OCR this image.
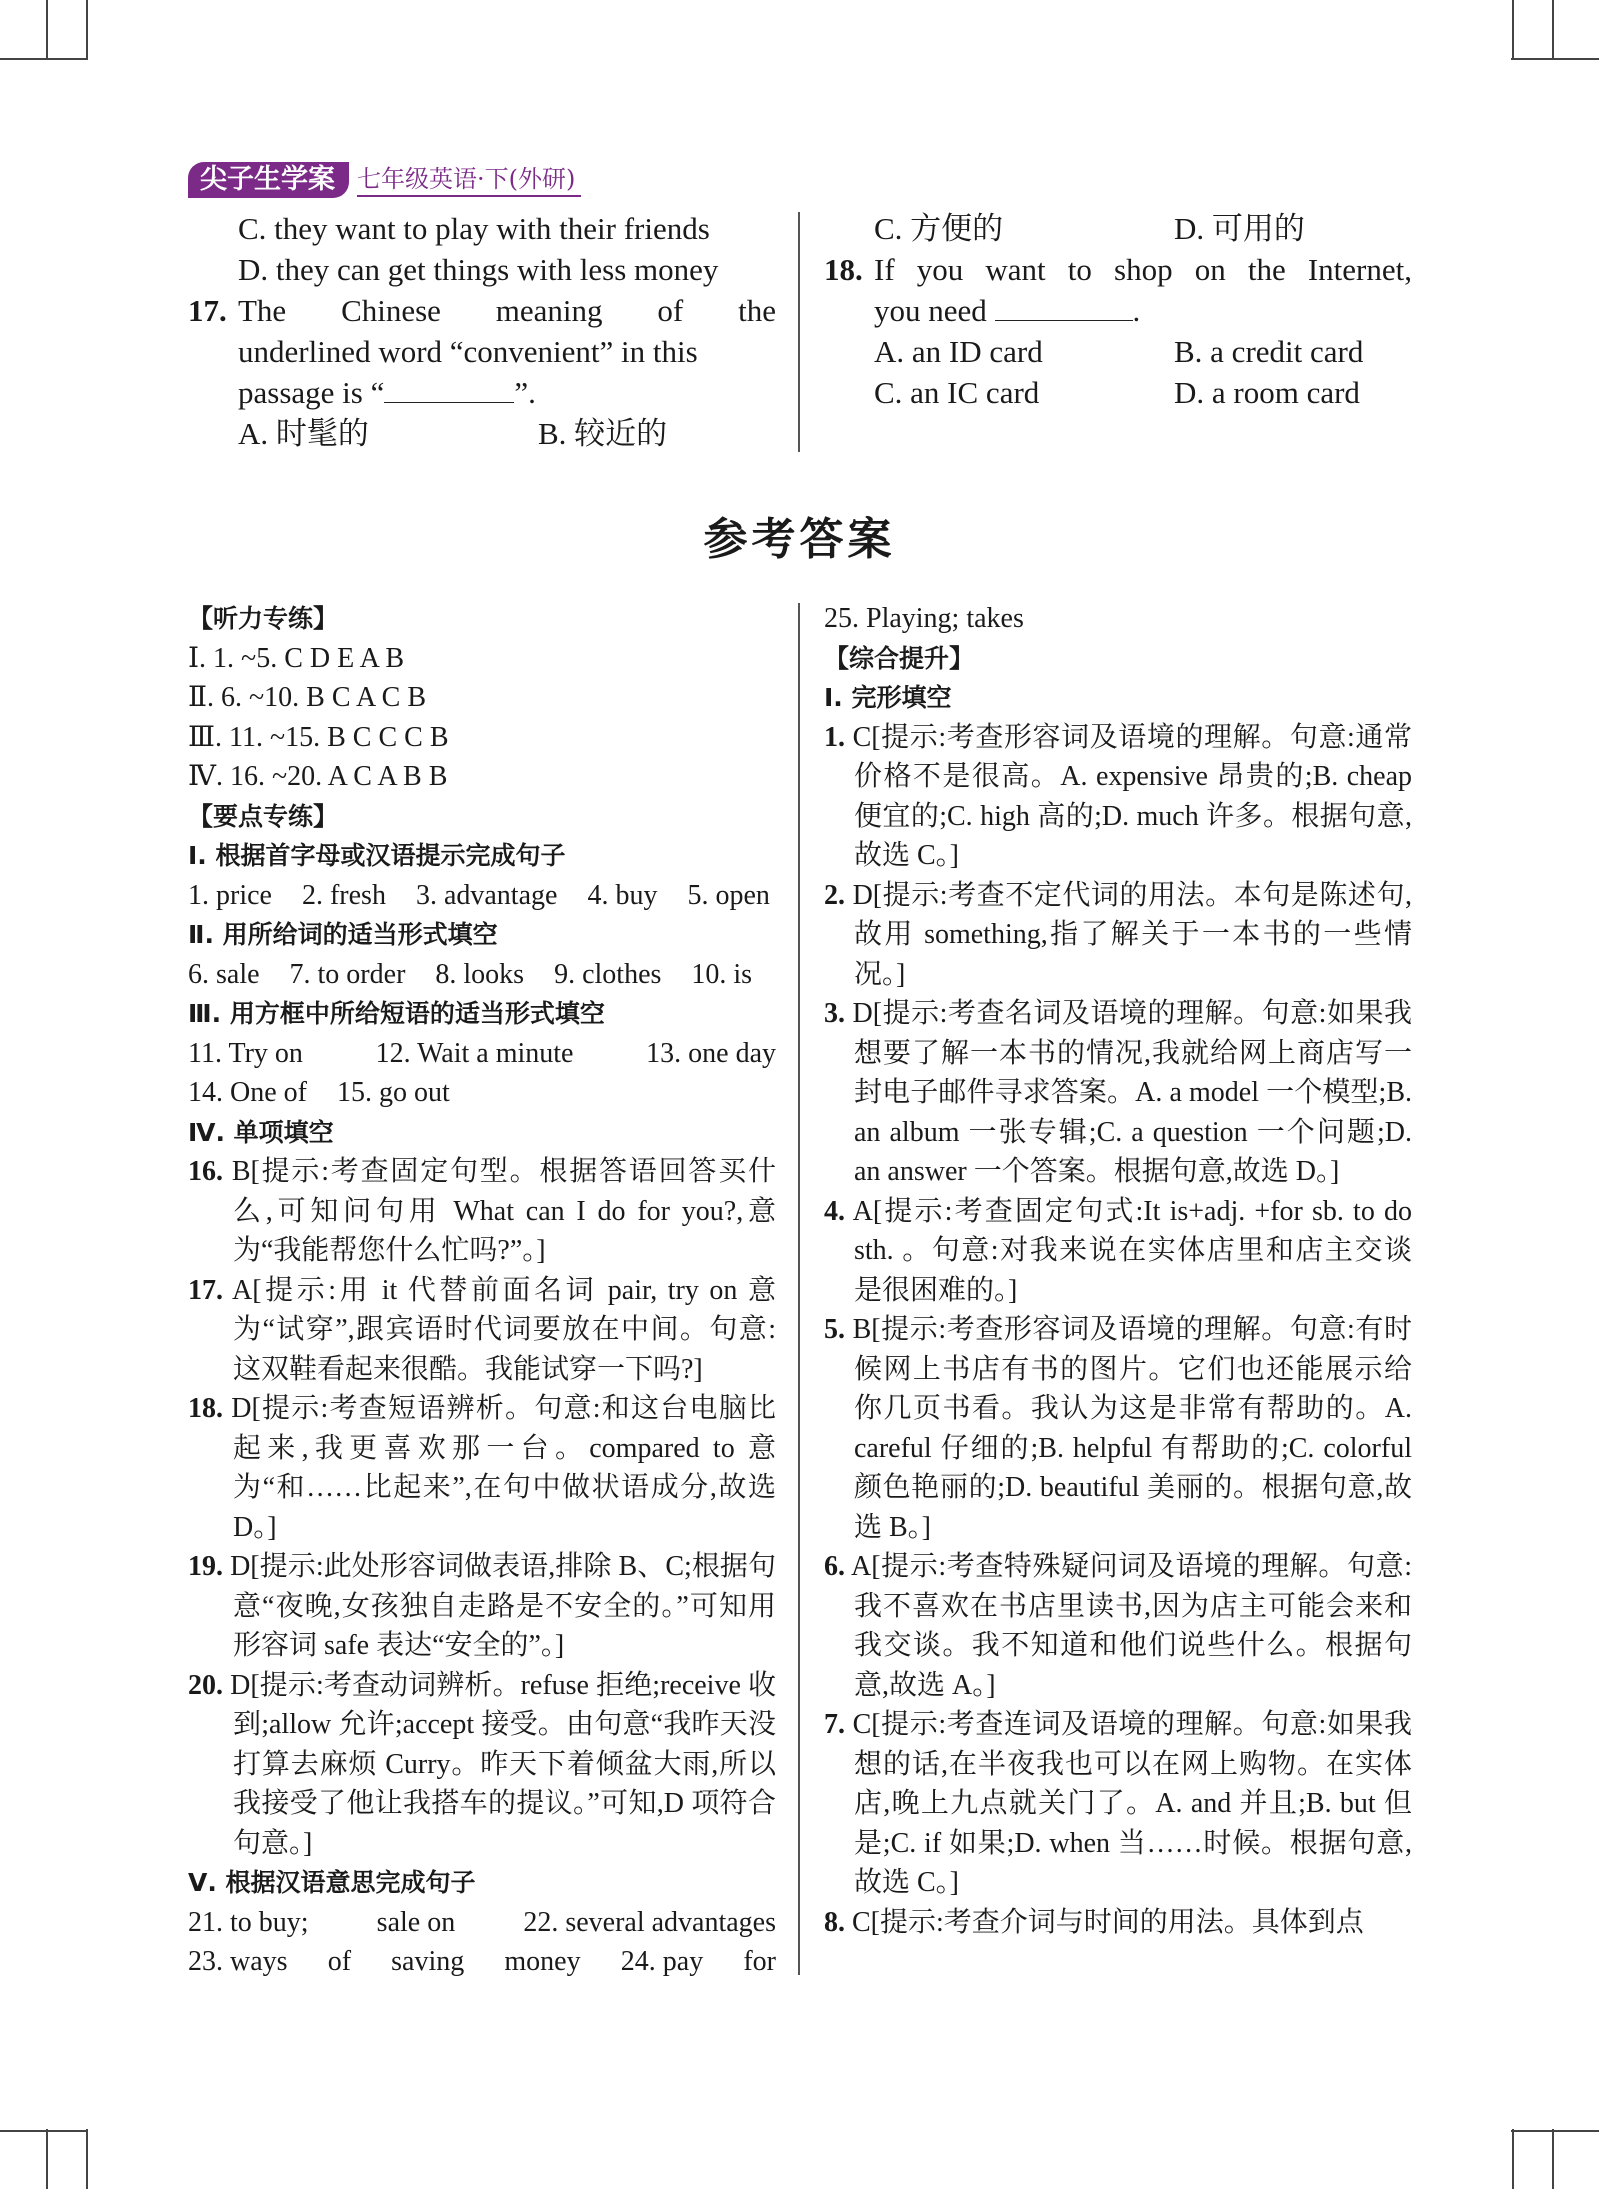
尖子生学案 七年级英语·下(外研)
C. they want to play with their friends
D. they can get things with less money
17. The Chinese meaning of the
underlined word “convenient” in this
passage is “	”.
A. 时髦的	B. 较近的
C. 方便的	D. 可用的
18. If you want to shop on the Internet,
you need	.
A. an ID card	B. a credit card
C. an IC card	D. a room card
参考答案
【听力专练】
Ⅰ. 1. ~5. C D E A B
Ⅱ. 6. ~10. B C A C B
Ⅲ. 11. ~15. B C C C B
Ⅳ. 16. ~20. A C A B B
【要点专练】
Ⅰ. 根据首字母或汉语提示完成句子
1. price 2. fresh 3. advantage 4. buy 5. open
Ⅱ. 用所给词的适当形式填空
6. sale 7. to order 8. looks 9. clothes 10. is
Ⅲ. 用方框中所给短语的适当形式填空
11. Try on	12. Wait a minute	13. one day
14. One of 15. go out
Ⅳ. 单项填空
16. B[提示:考查固定句型。根据答语回答买什么,可知问句用 What can I do for you?,意为“我能帮您什么忙吗?”。]
17. A[提示:用 it 代替前面名词 pair, try on 意为“试穿”,跟宾语时代词要放在中间。句意:这双鞋看起来很酷。我能试穿一下吗?]
18. D[提示:考查短语辨析。句意:和这台电脑比起来,我更喜欢那一台。compared to 意为“和……比起来”,在句中做状语成分,故选 D。]
19. D[提示:此处形容词做表语,排除 B、C;根据句意“夜晚,女孩独自走路是不安全的。”可知用形容词 safe 表达“安全的”。]
20. D[提示:考查动词辨析。refuse 拒绝;receive 收到;allow 允许;accept 接受。由句意“我昨天没打算去麻烦 Curry。昨天下着倾盆大雨,所以我接受了他让我搭车的提议。”可知,D 项符合句意。]
Ⅴ. 根据汉语意思完成句子
21. to buy; sale on 22. several advantages
23. ways of saving money 24. pay for
25. Playing; takes
【综合提升】
Ⅰ. 完形填空
1. C[提示:考查形容词及语境的理解。句意:通常价格不是很高。A. expensive 昂贵的;B. cheap 便宜的;C. high 高的;D. much 许多。根据句意,故选 C。]
2. D[提示:考查不定代词的用法。本句是陈述句,故用 something,指了解关于一本书的一些情况。]
3. D[提示:考查名词及语境的理解。句意:如果我想要了解一本书的情况,我就给网上商店写一封电子邮件寻求答案。A. a model 一个模型;B. an album 一张专辑;C. a question 一个问题;D. an answer 一个答案。根据句意,故选 D。]
4. A[提示:考查固定句式:It is+adj. +for sb. to do sth. 。句意:对我来说在实体店里和店主交谈是很困难的。]
5. B[提示:考查形容词及语境的理解。句意:有时候网上书店有书的图片。它们也还能展示给你几页书看。我认为这是非常有帮助的。A. careful 仔细的;B. helpful 有帮助的;C. colorful 颜色艳丽的;D. beautiful 美丽的。根据句意,故选 B。]
6. A[提示:考查特殊疑问词及语境的理解。句意:我不喜欢在书店里读书,因为店主可能会来和我交谈。我不知道和他们说些什么。根据句意,故选 A。]
7. C[提示:考查连词及语境的理解。句意:如果我想的话,在半夜我也可以在网上购物。在实体店,晚上九点就关门了。A. and 并且;B. but 但是;C. if 如果;D. when 当……时候。根据句意,故选 C。]
8. C[提示:考查介词与时间的用法。具体到点
